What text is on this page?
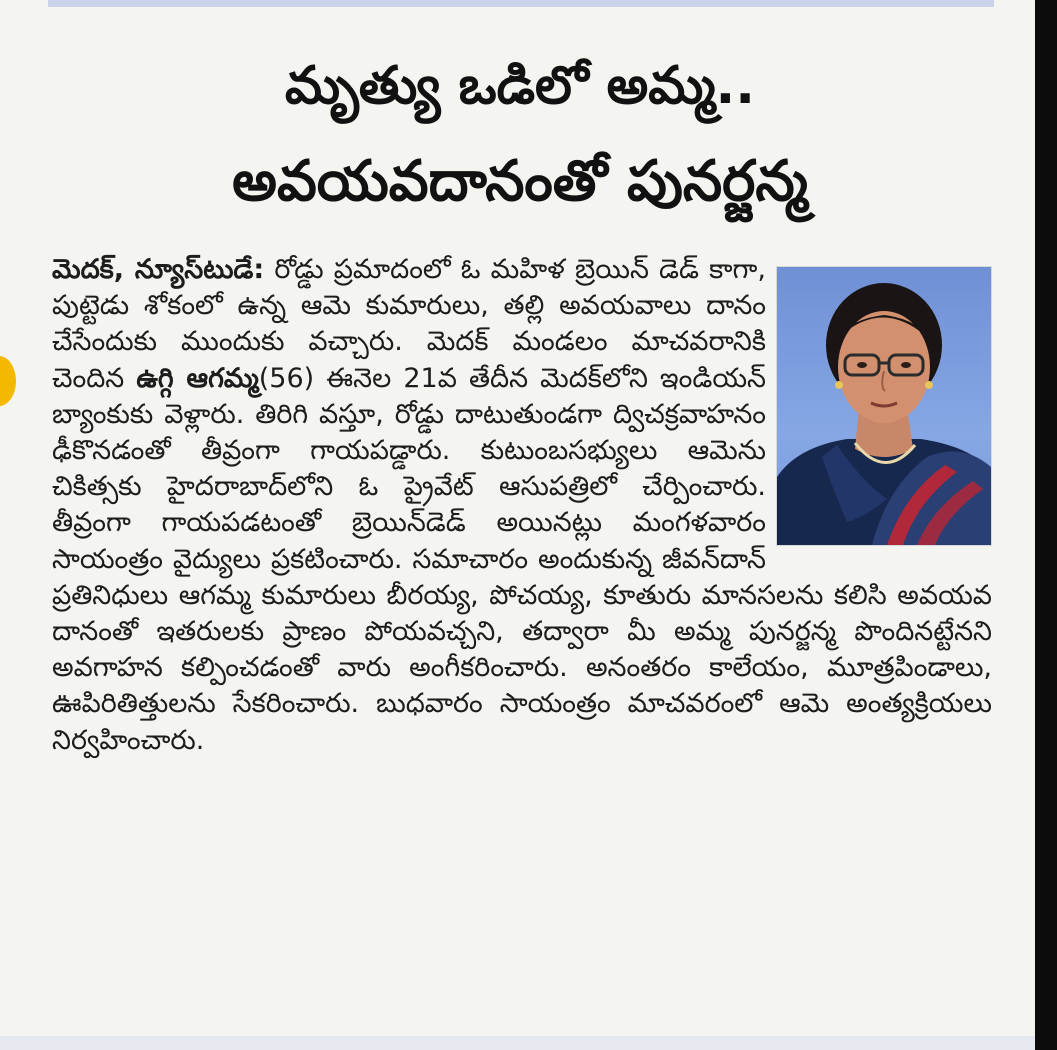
మృత్యు ఒడిలో అమ్మ..
అవయవదానంతో పునర్జన్మ
మెదక్, న్యూస్‌టుడే: రోడ్డు ప్రమాదంలో ఓ మహిళ బ్రెయిన్ డెడ్ కాగా, పుట్టెడు శోకంలో ఉన్న ఆమె కుమారులు, తల్లి అవయవాలు దానం చేసేందుకు ముందుకు వచ్చారు. మెదక్ మండలం మాచవరానికి చెందిన ఉగ్గి ఆగమ్మ(56) ఈనెల 21వ తేదీన మెదక్‌లోని ఇండియన్ బ్యాంకుకు వెళ్లారు. తిరిగి వస్తూ, రోడ్డు దాటుతుండగా ద్విచక్రవాహనం ఢీకొనడంతో తీవ్రంగా గాయపడ్డారు. కుటుంబసభ్యులు ఆమెను చికిత్సకు హైదరాబాద్‌లోని ఓ ప్రైవేట్ ఆసుపత్రిలో చేర్పించారు. తీవ్రంగా గాయపడటంతో బ్రెయిన్‌డెడ్ అయినట్లు మంగళవారం సాయంత్రం వైద్యులు ప్రకటించారు. సమాచారం అందుకున్న జీవన్‌దాన్ ప్రతినిధులు ఆగమ్మ కుమారులు బీరయ్య, పోచయ్య, కూతురు మానసలను కలిసి అవయవ దానంతో ఇతరులకు ప్రాణం పోయవచ్చని, తద్వారా మీ అమ్మ పునర్జన్మ పొందినట్టేనని అవగాహన కల్పించడంతో వారు అంగీకరించారు. అనంతరం కాలేయం, మూత్రపిండాలు, ఊపిరితిత్తులను సేకరించారు. బుధవారం సాయంత్రం మాచవరంలో ఆమె అంత్యక్రియలు నిర్వహించారు.
